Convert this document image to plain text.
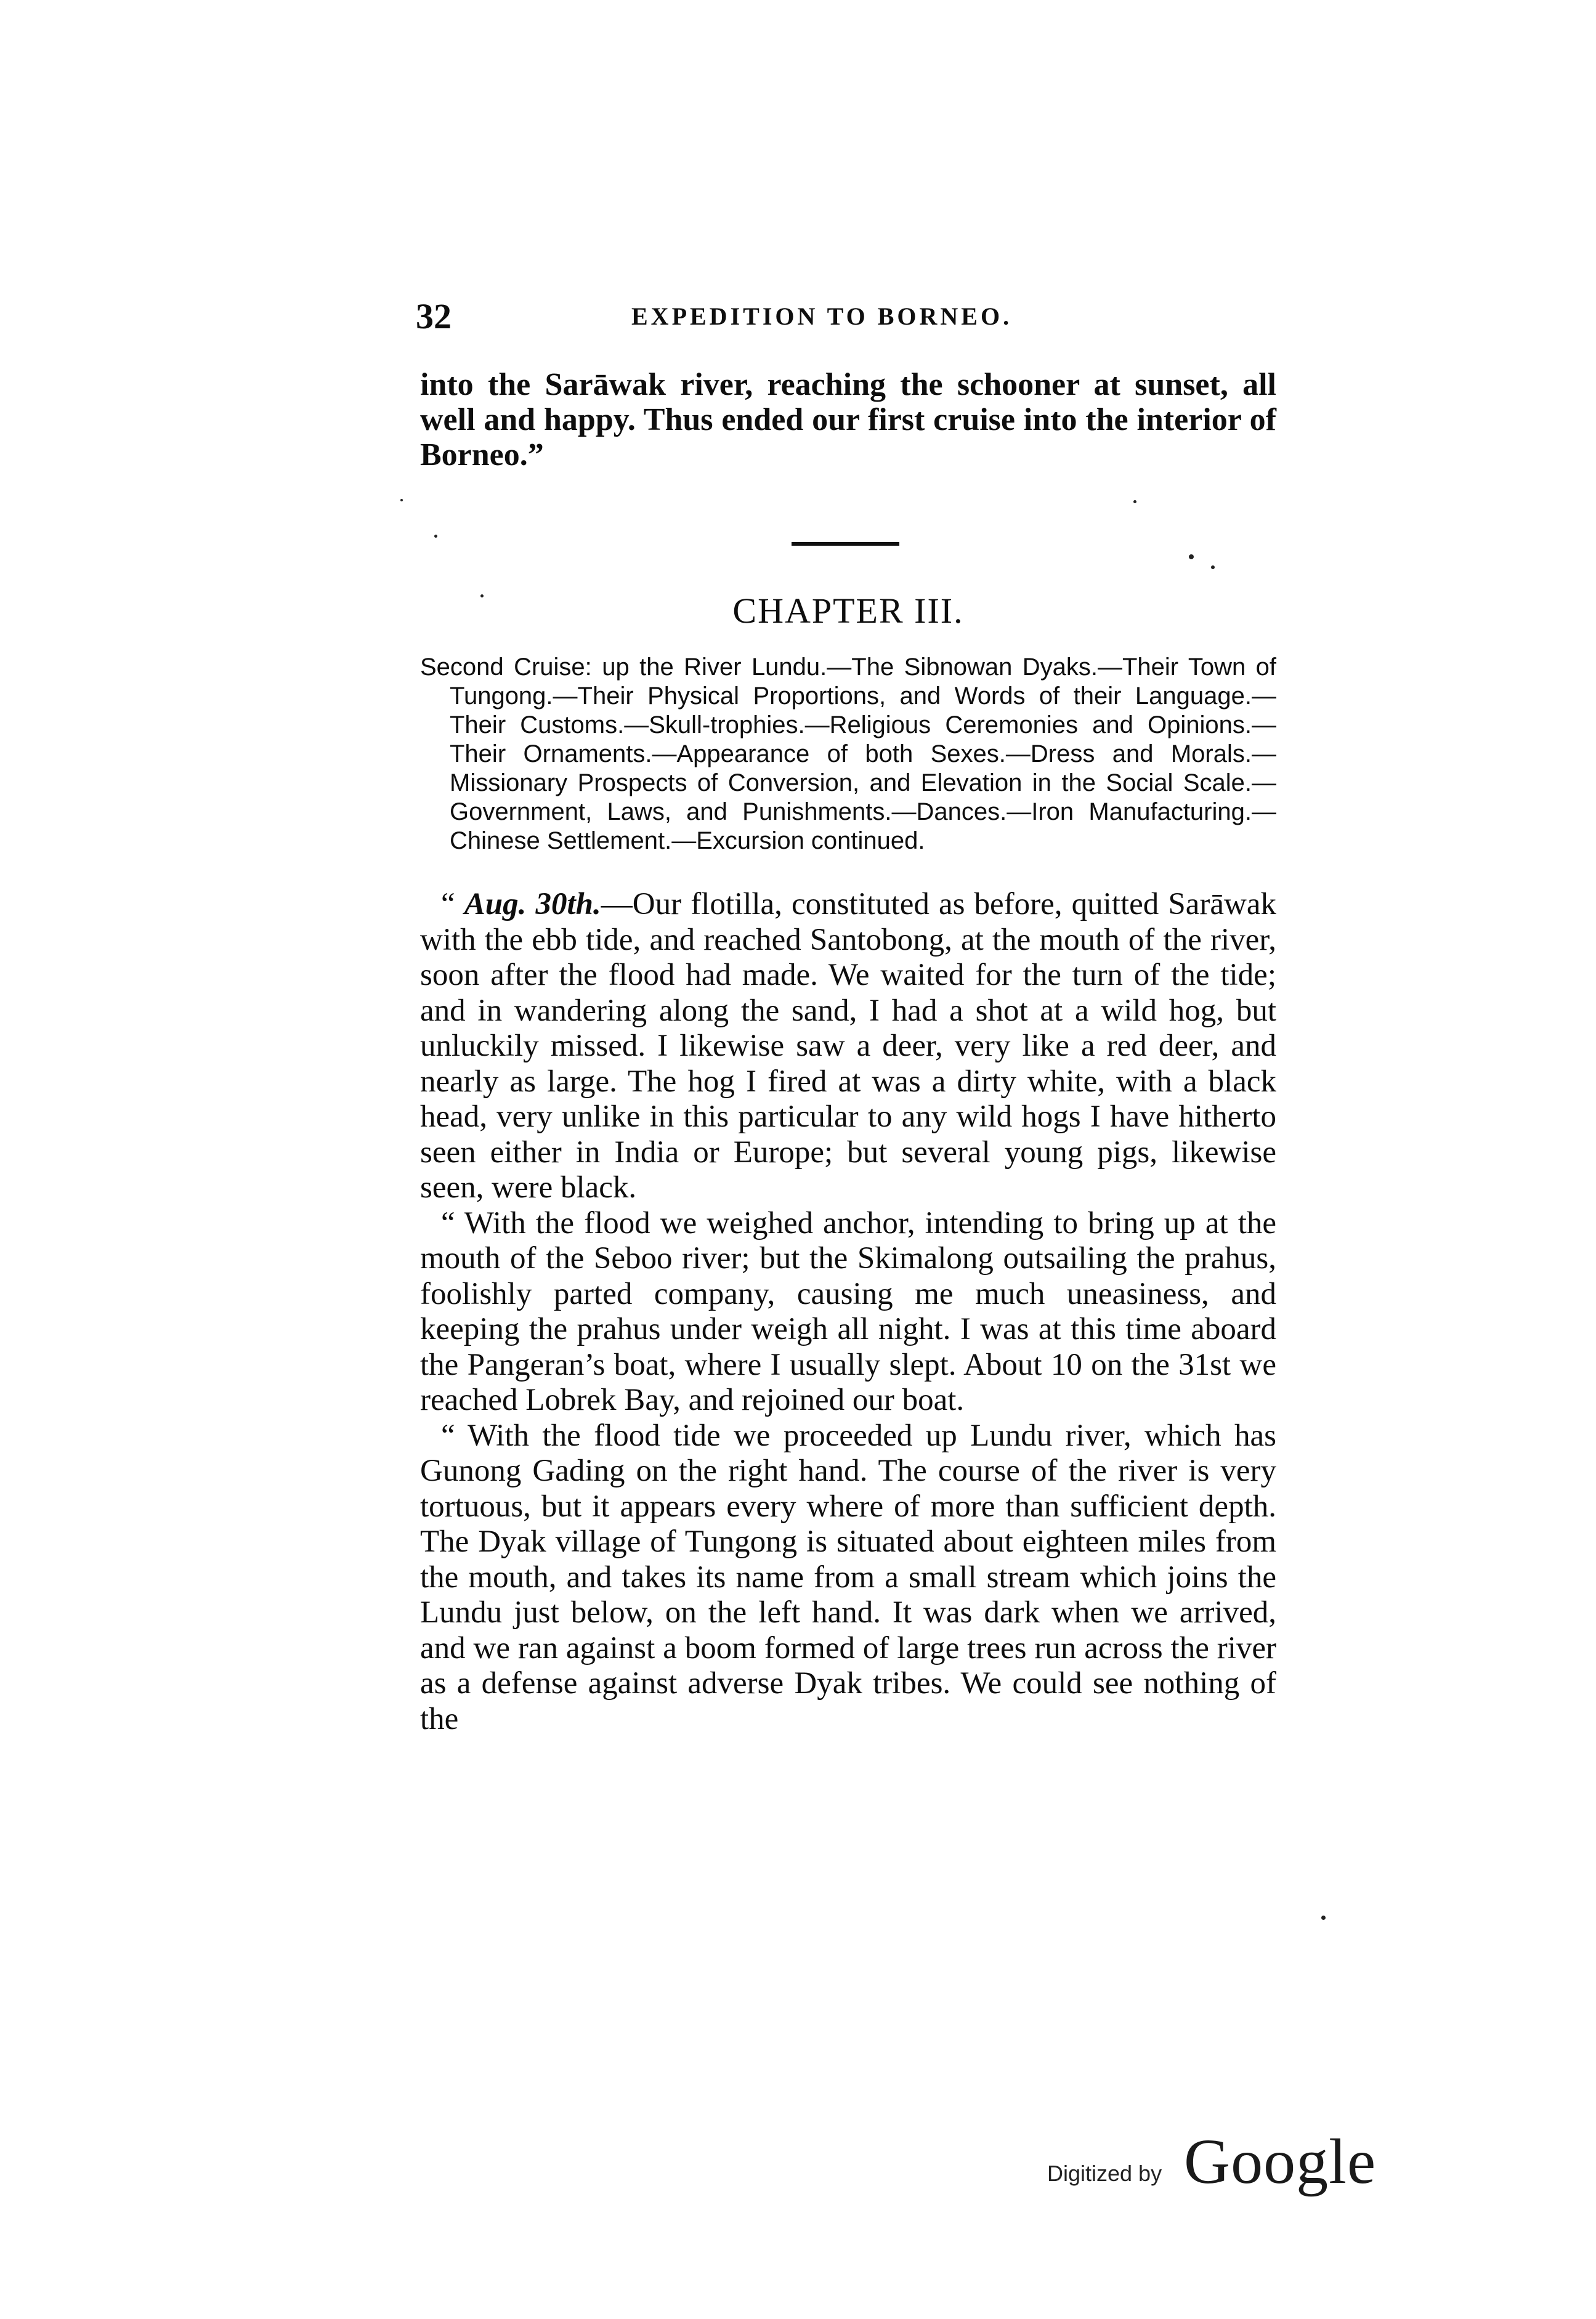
32	EXPEDITION TO BORNEO.

into the Sarāwak river, reaching the schooner at sunset, all well and happy. Thus ended our first cruise into the interior of Borneo.”

CHAPTER III.
Second Cruise: up the River Lundu.—The Sibnowan Dyaks.—Their Town of Tungong.—Their Physical Proportions, and Words of their Language.—Their Customs.—Skull-trophies.—Religious Ceremonies and Opinions.—Their Ornaments.—Appearance of both Sexes.—Dress and Morals.—Missionary Prospects of Conversion, and Elevation in the Social Scale.—Government, Laws, and Punishments.—Dances.—Iron Manufacturing.—Chinese Settlement.—Excursion continued.

“ Aug. 30th.—Our flotilla, constituted as before, quitted Sarāwak with the ebb tide, and reached Santobong, at the mouth of the river, soon after the flood had made. We waited for the turn of the tide; and in wandering along the sand, I had a shot at a wild hog, but unluckily missed. I likewise saw a deer, very like a red deer, and nearly as large. The hog I fired at was a dirty white, with a black head, very unlike in this particular to any wild hogs I have hitherto seen either in India or Europe; but several young pigs, likewise seen, were black.

“ With the flood we weighed anchor, intending to bring up at the mouth of the Seboo river; but the Skimalong outsailing the prahus, foolishly parted company, causing me much uneasiness, and keeping the prahus under weigh all night. I was at this time aboard the Pangeran’s boat, where I usually slept. About 10 on the 31st we reached Lobrek Bay, and rejoined our boat.

“ With the flood tide we proceeded up Lundu river, which has Gunong Gading on the right hand. The course of the river is very tortuous, but it appears every where of more than sufficient depth. The Dyak village of Tungong is situated about eighteen miles from the mouth, and takes its name from a small stream which joins the Lundu just below, on the left hand. It was dark when we arrived, and we ran against a boom formed of large trees run across the river as a defense against adverse Dyak tribes. We could see nothing of the

Digitized by Google
